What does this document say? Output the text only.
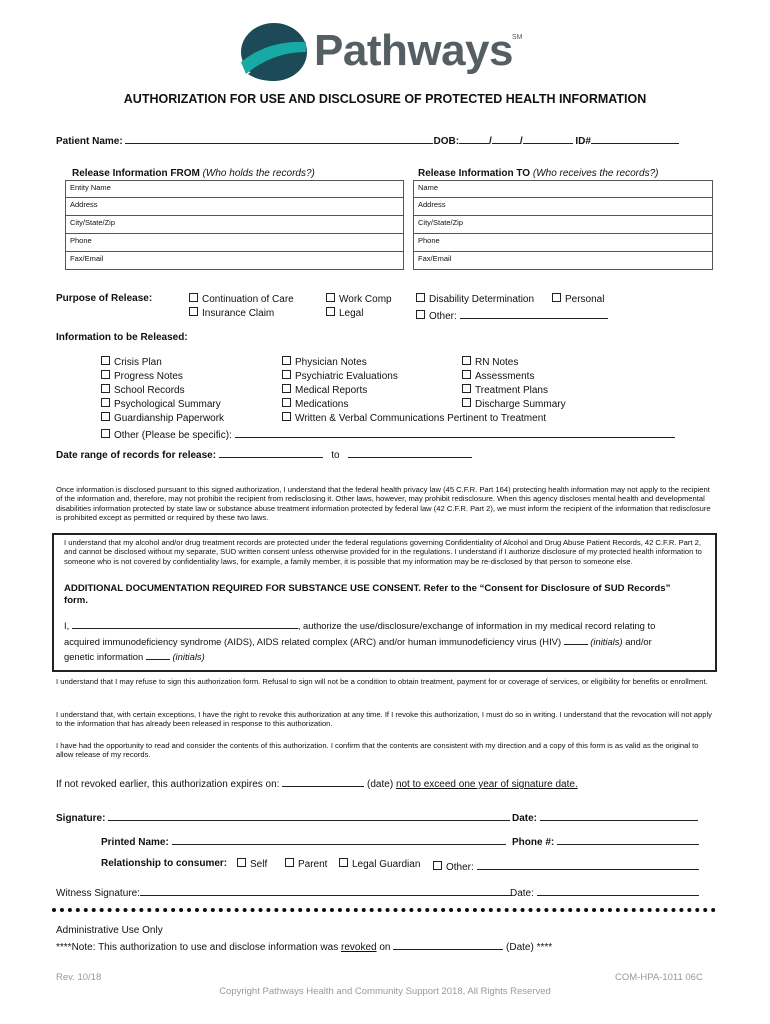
Pathways SM
AUTHORIZATION FOR USE AND DISCLOSURE OF PROTECTED HEALTH INFORMATION
Patient Name:	DOB:	/	/	ID#
Release Information FROM (Who holds the records?)	Release Information TO (Who receives the records?)
Entity Name
Address
City/State/Zip
Phone
Fax/Email
Name
Address
City/State/Zip
Phone
Fax/Email
Purpose of Release:	Continuation of Care
Insurance Claim
Work Comp
Legal
Disability Determination
Other:
Personal
Information to be Released:
Crisis Plan
Progress Notes
School Records
Psychological Summary
Guardianship Paperwork
Other (Please be specific):
Physician Notes
Psychiatric Evaluations
Medical Reports
Medications
Written & Verbal Communications Pertinent to Treatment
RN Notes
Assessments
Treatment Plans
Discharge Summary
Date range of records for release:	to
Once information is disclosed pursuant to this signed authorization, I understand that the federal health privacy law (45 C.F.R. Part 164) protecting health information may not apply to the recipient of the information and, therefore, may not prohibit the recipient from redisclosing it. Other laws, however, may prohibit redisclosure. When this agency discloses mental health and developmental disabilities information protected by state law or substance abuse treatment information protected by federal law (42 C.F.R. Part 2), we must inform the recipient of the information that redisclosure is prohibited except as permitted or required by these two laws.
I understand that my alcohol and/or drug treatment records are protected under the federal regulations governing Confidentiality of Alcohol and Drug Abuse Patient Records, 42 C.F.R. Part 2, and cannot be disclosed without my separate, SUD written consent unless otherwise provided for in the regulations. I understand if I authorize disclosure of my protected health information to someone who is not covered by confidentiality laws, for example, a family member, it is possible that my information may be re-disclosed by that person to someone else.
ADDITIONAL DOCUMENTATION REQUIRED FOR SUBSTANCE USE CONSENT. Refer to the “Consent for Disclosure of SUD Records” form.
I,	, authorize the use/disclosure/exchange of information in my medical record relating to
acquired immunodeficiency syndrome (AIDS), AIDS related complex (ARC) and/or human immunodeficiency virus (HIV)	(initials) and/or
genetic information	(initials)
I understand that I may refuse to sign this authorization form. Refusal to sign will not be a condition to obtain treatment, payment for or coverage of services, or eligibility for benefits or enrollment.
I understand that, with certain exceptions, I have the right to revoke this authorization at any time. If I revoke this authorization, I must do so in writing. I understand that the revocation will not apply to the information that has already been released in response to this authorization.
I have had the opportunity to read and consider the contents of this authorization. I confirm that the contents are consistent with my direction and a copy of this form is as valid as the original to allow release of my records.
If not revoked earlier, this authorization expires on:	(date) not to exceed one year of signature date.
Signature:	Date:
Printed Name:	Phone #:
Relationship to consumer:	Self	Parent	Legal Guardian	Other:
Witness Signature:	Date:
Administrative Use Only
****Note: This authorization to use and disclose information was revoked on	(Date) ****
Rev. 10/18	COM-HPA-1011 06C
Copyright Pathways Health and Community Support 2018, All Rights Reserved
